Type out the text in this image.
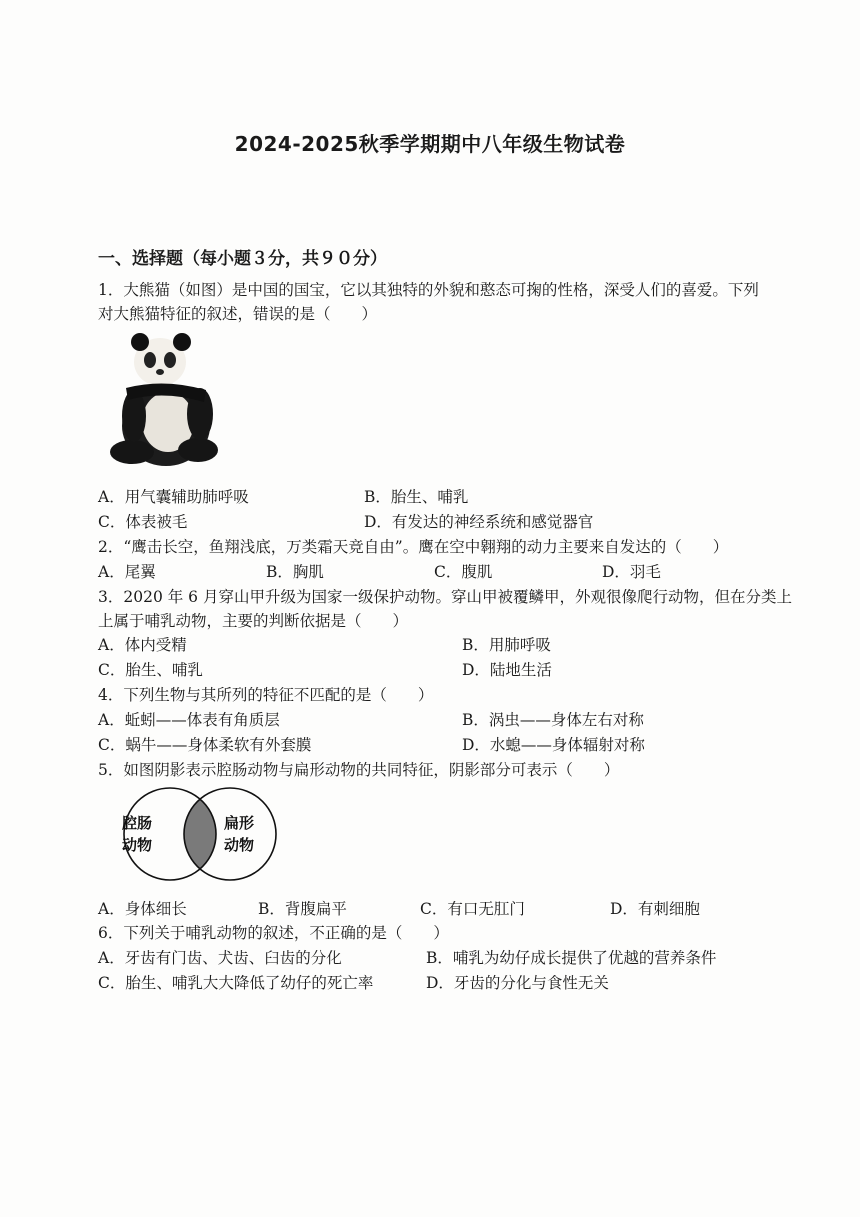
2024-2025秋季学期期中八年级生物试卷
一、选择题（每小题３分，共９０分）
1．大熊猫（如图）是中国的国宝，它以其独特的外貌和憨态可掬的性格，深受人们的喜爱。下列
对大熊猫特征的叙述，错误的是（　　）
A．用气囊辅助肺呼吸	B．胎生、哺乳
C．体表被毛	D．有发达的神经系统和感觉器官
2．“鹰击长空，鱼翔浅底，万类霜天竞自由”。鹰在空中翱翔的动力主要来自发达的（　　）
A．尾翼	B．胸肌	C．腹肌	D．羽毛
3．2020 年 6 月穿山甲升级为国家一级保护动物。穿山甲被覆鳞甲，外观很像爬行动物，但在分类上
上属于哺乳动物，主要的判断依据是（　　）
A．体内受精	B．用肺呼吸
C．胎生、哺乳	D．陆地生活
4．下列生物与其所列的特征不匹配的是（　　）
A．蚯蚓——体表有角质层	B．涡虫——身体左右对称
C．蜗牛——身体柔软有外套膜	D．水螅——身体辐射对称
5．如图阴影表示腔肠动物与扁形动物的共同特征，阴影部分可表示（　　）
腔肠
动物
扁形
动物
A．身体细长	B．背腹扁平	C．有口无肛门	D．有刺细胞
6．下列关于哺乳动物的叙述，不正确的是（　　）
A．牙齿有门齿、犬齿、臼齿的分化	B．哺乳为幼仔成长提供了优越的营养条件
C．胎生、哺乳大大降低了幼仔的死亡率	D．牙齿的分化与食性无关
